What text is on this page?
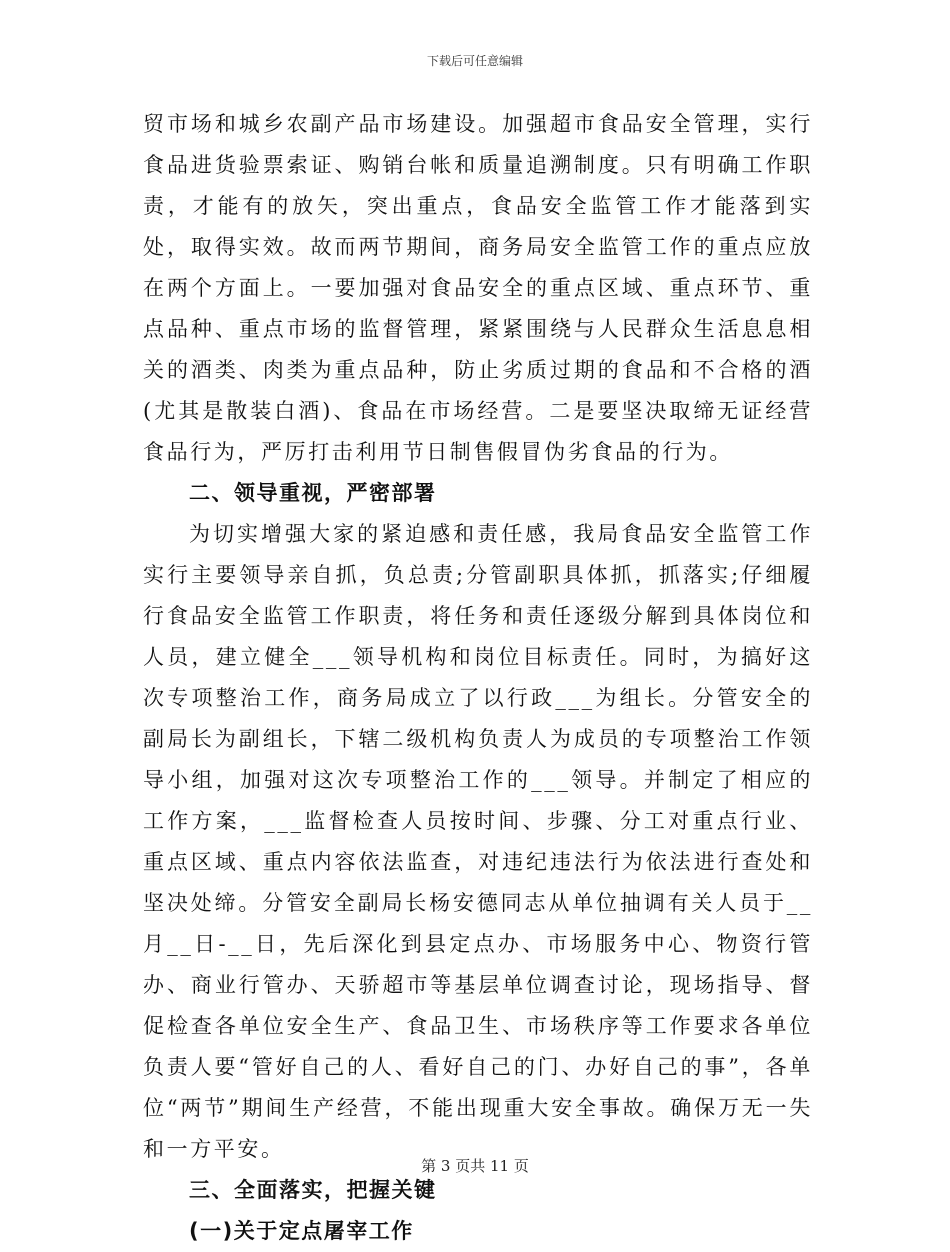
下载后可任意编辑

贸市场和城乡农副产品市场建设。加强超市食品安全管理，实行食品进货验票索证、购销台帐和质量追溯制度。只有明确工作职责，才能有的放矢，突出重点，食品安全监管工作才能落到实处，取得实效。故而两节期间，商务局安全监管工作的重点应放在两个方面上。一要加强对食品安全的重点区域、重点环节、重点品种、重点市场的监督管理，紧紧围绕与人民群众生活息息相关的酒类、肉类为重点品种，防止劣质过期的食品和不合格的酒(尤其是散装白酒)、食品在市场经营。二是要坚决取缔无证经营食品行为，严厉打击利用节日制售假冒伪劣食品的行为。

二、领导重视，严密部署

为切实增强大家的紧迫感和责任感，我局食品安全监管工作实行主要领导亲自抓，负总责;分管副职具体抓，抓落实;仔细履行食品安全监管工作职责，将任务和责任逐级分解到具体岗位和人员，建立健全___领导机构和岗位目标责任。同时，为搞好这次专项整治工作，商务局成立了以行政___为组长。分管安全的副局长为副组长，下辖二级机构负责人为成员的专项整治工作领导小组，加强对这次专项整治工作的___领导。并制定了相应的工作方案，___监督检查人员按时间、步骤、分工对重点行业、重点区域、重点内容依法监查，对违纪违法行为依法进行查处和坚决处缔。分管安全副局长杨安德同志从单位抽调有关人员于__月__日-__日，先后深化到县定点办、市场服务中心、物资行管办、商业行管办、天骄超市等基层单位调查讨论，现场指导、督促检查各单位安全生产、食品卫生、市场秩序等工作要求各单位负责人要“管好自己的人、看好自己的门、办好自己的事”，各单位“两节”期间生产经营，不能出现重大安全事故。确保万无一失和一方平安。

三、全面落实，把握关键

(一)关于定点屠宰工作

第 3 页共 11 页
